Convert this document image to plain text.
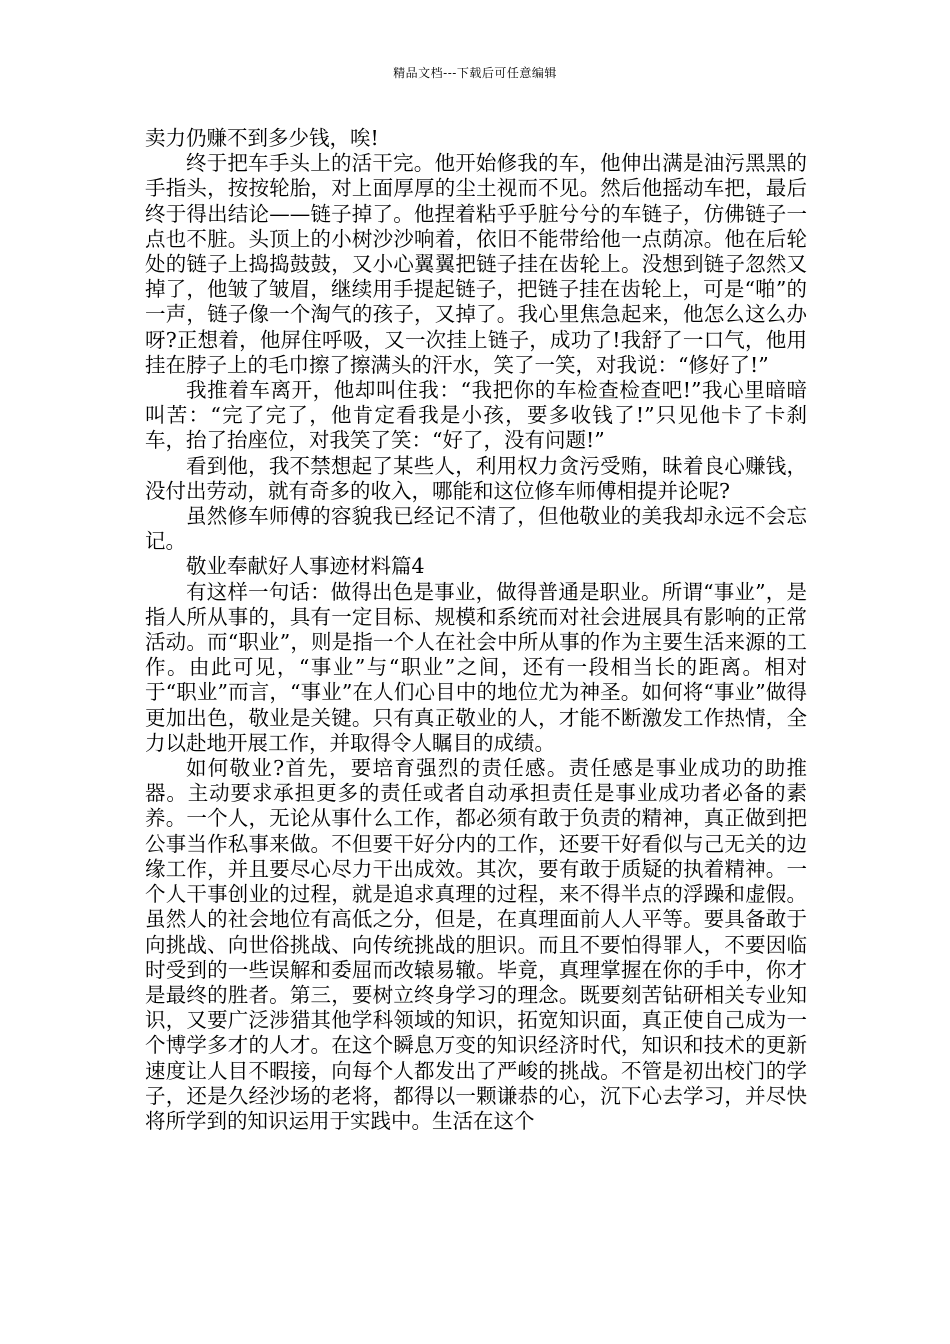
精品文档---下载后可任意编辑

卖力仍赚不到多少钱，唉!

终于把车手头上的活干完。他开始修我的车，他伸出满是油污黑黑的手指头，按按轮胎，对上面厚厚的尘土视而不见。然后他摇动车把，最后终于得出结论——链子掉了。他捏着粘乎乎脏兮兮的车链子，仿佛链子一点也不脏。头顶上的小树沙沙响着，依旧不能带给他一点荫凉。他在后轮处的链子上捣捣鼓鼓，又小心翼翼把链子挂在齿轮上。没想到链子忽然又掉了，他皱了皱眉，继续用手提起链子，把链子挂在齿轮上，可是“啪”的一声，链子像一个淘气的孩子，又掉了。我心里焦急起来，他怎么这么办呀?正想着，他屏住呼吸，又一次挂上链子，成功了!我舒了一口气，他用挂在脖子上的毛巾擦了擦满头的汗水，笑了一笑，对我说：“修好了!”

我推着车离开，他却叫住我：“我把你的车检查检查吧!”我心里暗暗叫苦：“完了完了，他肯定看我是小孩，要多收钱了!”只见他卡了卡刹车，抬了抬座位，对我笑了笑：“好了，没有问题!”

看到他，我不禁想起了某些人，利用权力贪污受贿，昧着良心赚钱，没付出劳动，就有奇多的收入，哪能和这位修车师傅相提并论呢?

虽然修车师傅的容貌我已经记不清了，但他敬业的美我却永远不会忘记。

敬业奉献好人事迹材料篇4

有这样一句话：做得出色是事业，做得普通是职业。所谓“事业”，是指人所从事的，具有一定目标、规模和系统而对社会进展具有影响的正常活动。而“职业”，则是指一个人在社会中所从事的作为主要生活来源的工作。由此可见，“事业”与“职业”之间，还有一段相当长的距离。相对于“职业”而言，“事业”在人们心目中的地位尤为神圣。如何将“事业”做得更加出色，敬业是关键。只有真正敬业的人，才能不断激发工作热情，全力以赴地开展工作，并取得令人瞩目的成绩。

如何敬业?首先，要培育强烈的责任感。责任感是事业成功的助推器。主动要求承担更多的责任或者自动承担责任是事业成功者必备的素养。一个人，无论从事什么工作，都必须有敢于负责的精神，真正做到把公事当作私事来做。不但要干好分内的工作，还要干好看似与己无关的边缘工作，并且要尽心尽力干出成效。其次，要有敢于质疑的执着精神。一个人干事创业的过程，就是追求真理的过程，来不得半点的浮躁和虚假。虽然人的社会地位有高低之分，但是，在真理面前人人平等。要具备敢于向挑战、向世俗挑战、向传统挑战的胆识。而且不要怕得罪人，不要因临时受到的一些误解和委屈而改辕易辙。毕竟，真理掌握在你的手中，你才是最终的胜者。第三，要树立终身学习的理念。既要刻苦钻研相关专业知识，又要广泛涉猎其他学科领域的知识，拓宽知识面，真正使自己成为一个博学多才的人才。在这个瞬息万变的知识经济时代，知识和技术的更新速度让人目不暇接，向每个人都发出了严峻的挑战。不管是初出校门的学子，还是久经沙场的老将，都得以一颗谦恭的心，沉下心去学习，并尽快将所学到的知识运用于实践中。生活在这个
